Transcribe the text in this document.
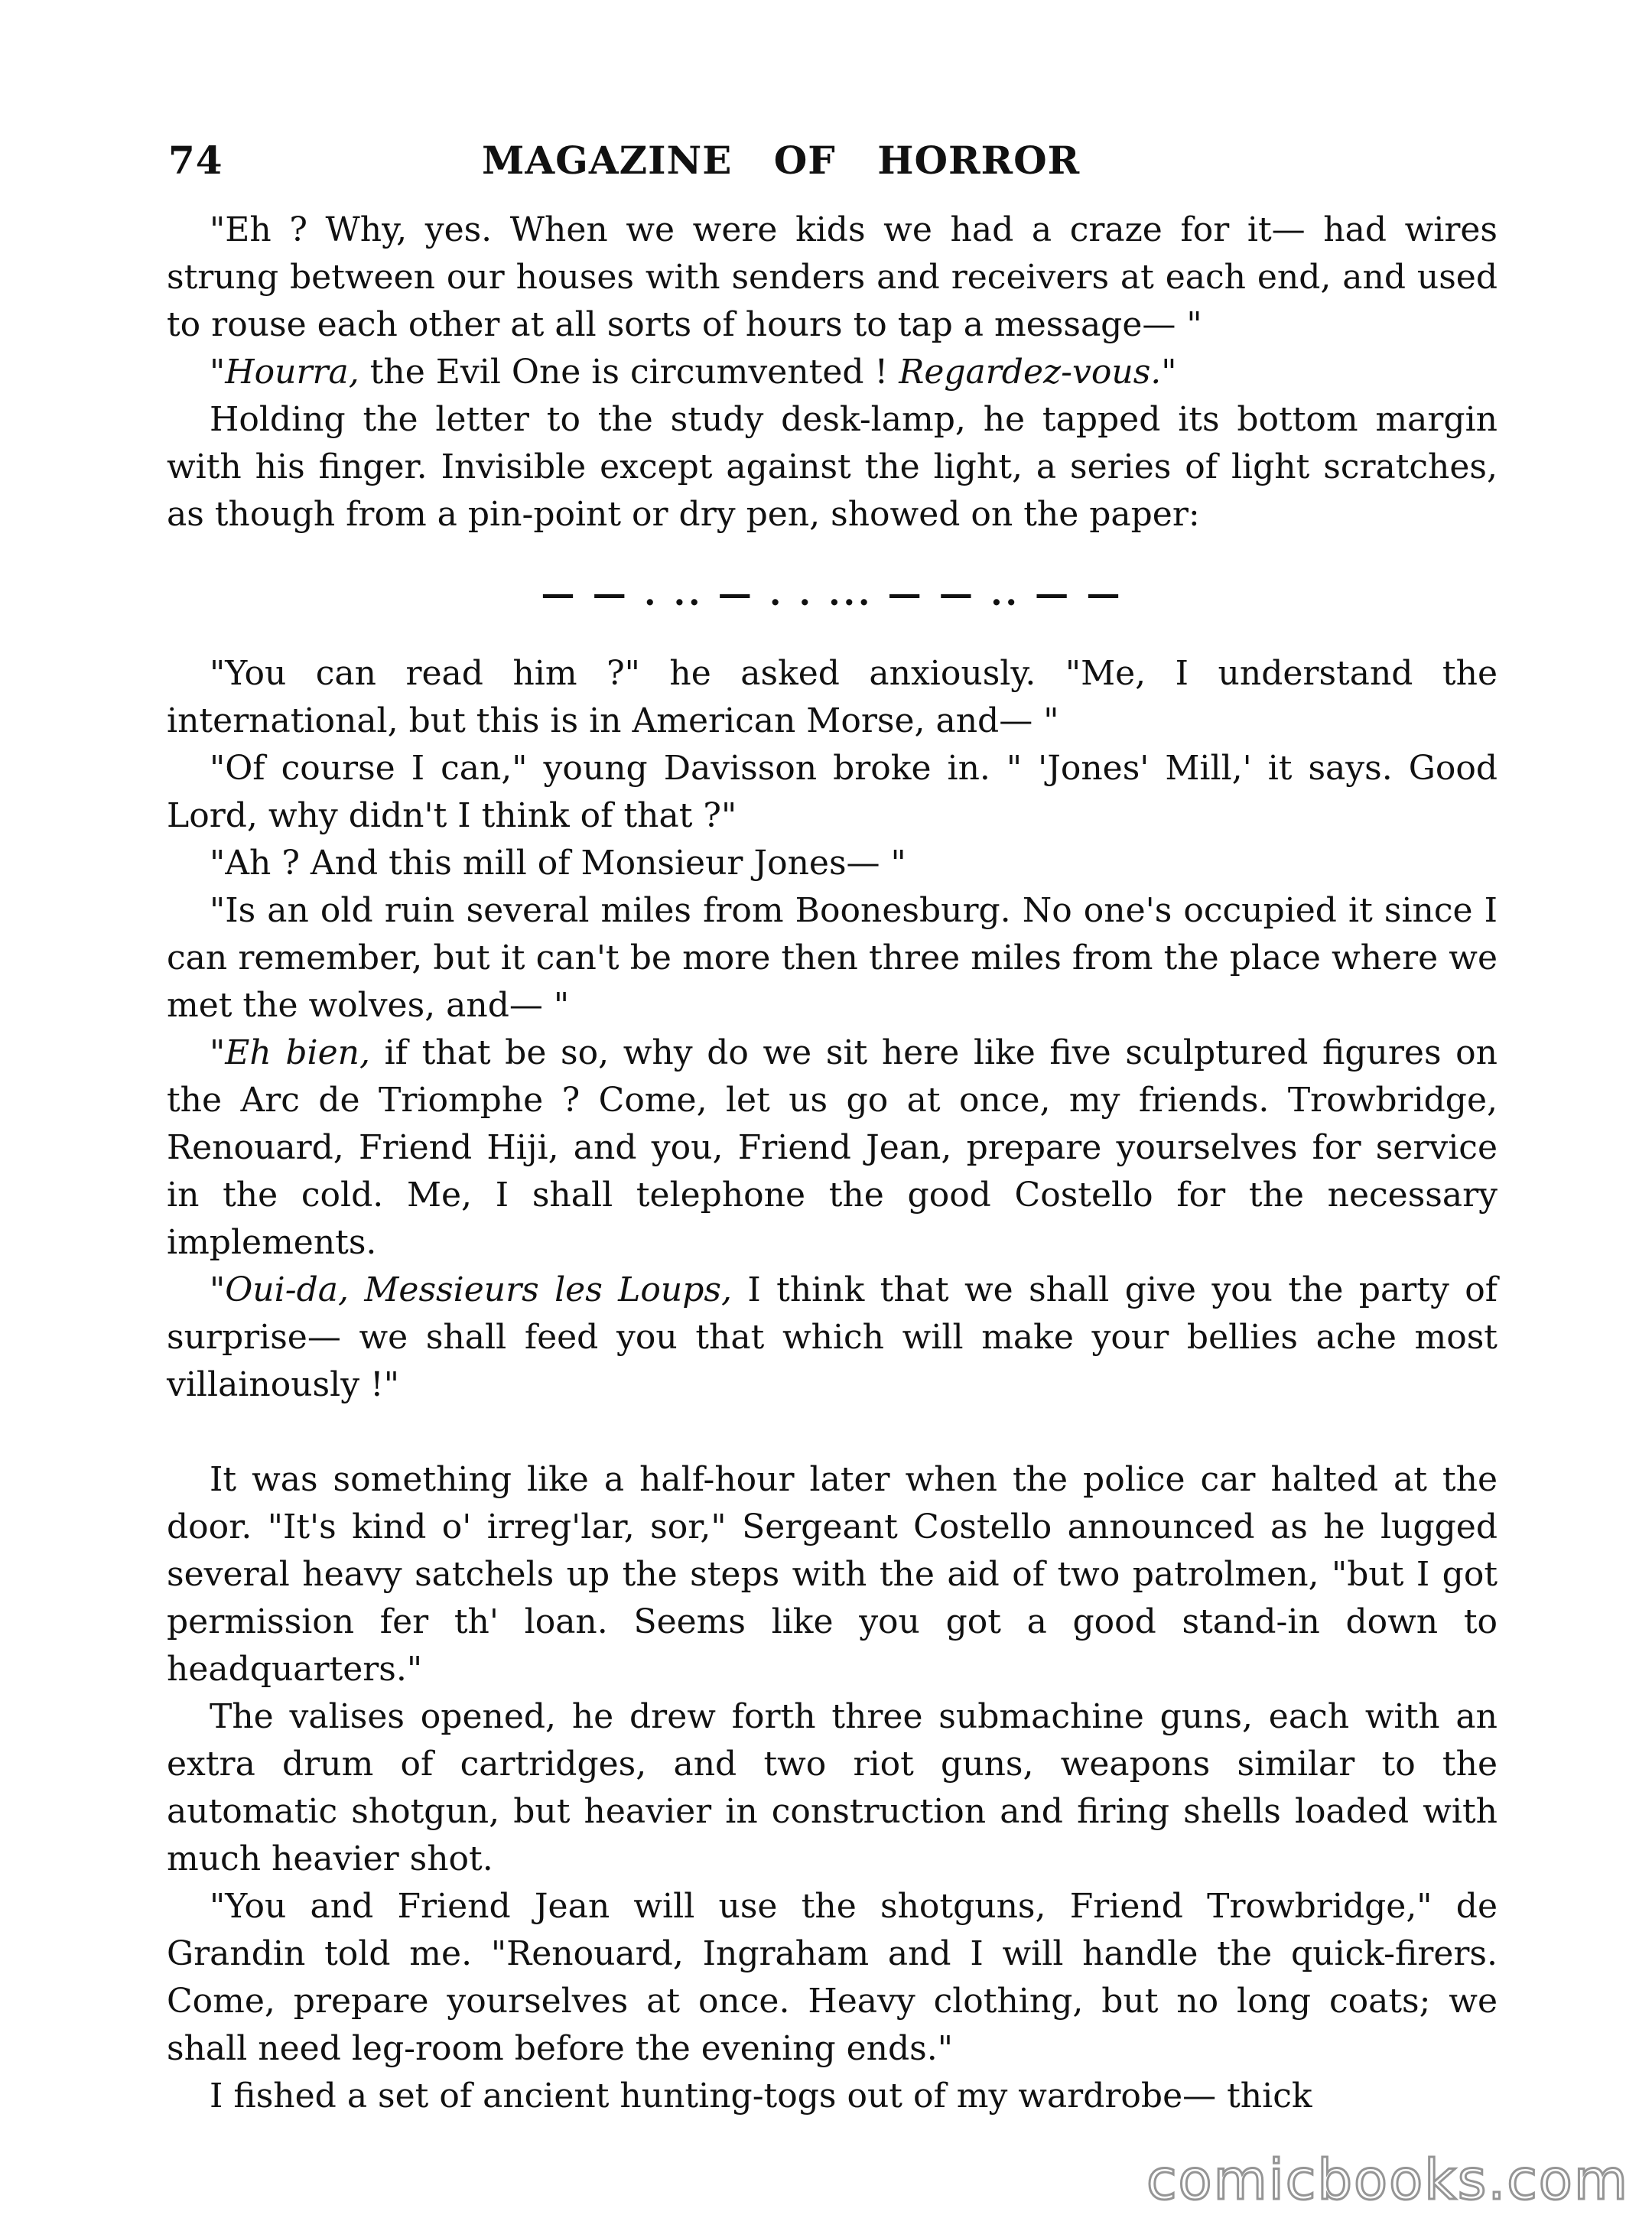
74	MAGAZINE OF HORROR

"Eh ? Why, yes. When we were kids we had a craze for it— had wires strung between our houses with senders and receivers at each end, and used to rouse each other at all sorts of hours to tap a message— "

"Hourra, the Evil One is circumvented ! Regardez-vous."

Holding the letter to the study desk-lamp, he tapped its bottom margin with his finger. Invisible except against the light, a series of light scratches, as though from a pin-point or dry pen, showed on the paper:

— — . .. — . . ... — — .. — —

"You can read him ?" he asked anxiously. "Me, I understand the international, but this is in American Morse, and— "

"Of course I can," young Davisson broke in. " 'Jones' Mill,' it says. Good Lord, why didn't I think of that ?"

"Ah ? And this mill of Monsieur Jones— "

"Is an old ruin several miles from Boonesburg. No one's occupied it since I can remember, but it can't be more then three miles from the place where we met the wolves, and— "

"Eh bien, if that be so, why do we sit here like five sculptured figures on the Arc de Triomphe ? Come, let us go at once, my friends. Trowbridge, Renouard, Friend Hiji, and you, Friend Jean, prepare yourselves for service in the cold. Me, I shall telephone the good Costello for the necessary implements.

"Oui-da, Messieurs les Loups, I think that we shall give you the party of surprise— we shall feed you that which will make your bellies ache most villainously !"

It was something like a half-hour later when the police car halted at the door. "It's kind o' irreg'lar, sor," Sergeant Costello announced as he lugged several heavy satchels up the steps with the aid of two patrolmen, "but I got permission fer th' loan. Seems like you got a good stand-in down to headquarters."

The valises opened, he drew forth three submachine guns, each with an extra drum of cartridges, and two riot guns, weapons similar to the automatic shotgun, but heavier in construction and firing shells loaded with much heavier shot.

"You and Friend Jean will use the shotguns, Friend Trowbridge," de Grandin told me. "Renouard, Ingraham and I will handle the quick-firers. Come, prepare yourselves at once. Heavy clothing, but no long coats; we shall need leg-room before the evening ends."

I fished a set of ancient hunting-togs out of my wardrobe— thick

comicbooks.com
